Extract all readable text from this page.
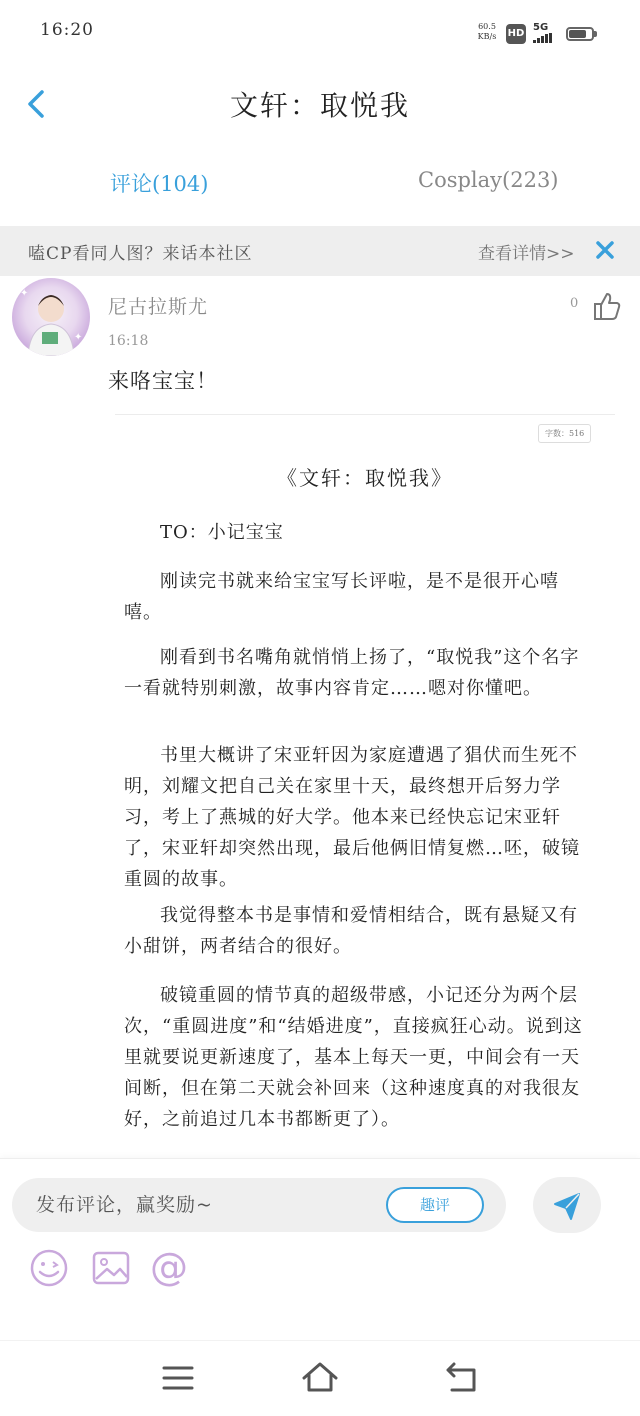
16:20	60.5
KB/s HD
5G
文轩：取悦我
评论(104)	Cosplay(223)
嗑CP看同人图？来话本社区	查看详情>>
✦
✦
尼古拉斯尤
16:18
0
来咯宝宝！
字数：516
《文轩：取悦我》
TO：小记宝宝

刚读完书就来给宝宝写长评啦，是不是很开心嘻嘻。

刚看到书名嘴角就悄悄上扬了，“取悦我”这个名字一看就特别刺激，故事内容肯定……嗯对你懂吧。

书里大概讲了宋亚轩因为家庭遭遇了猖伏而生死不明，刘耀文把自己关在家里十天，最终想开后努力学习，考上了燕城的好大学。他本来已经快忘记宋亚轩了，宋亚轩却突然出现，最后他俩旧情复燃…呸，破镜重圆的故事。

我觉得整本书是事情和爱情相结合，既有悬疑又有小甜饼，两者结合的很好。

破镜重圆的情节真的超级带感，小记还分为两个层次，“重圆进度”和“结婚进度”，直接疯狂心动。说到这里就要说更新速度了，基本上每天一更，中间会有一天间断，但在第二天就会补回来（这种速度真的对我很友好，之前追过几本书都断更了）。

发布评论，赢奖励~
趣评
@
